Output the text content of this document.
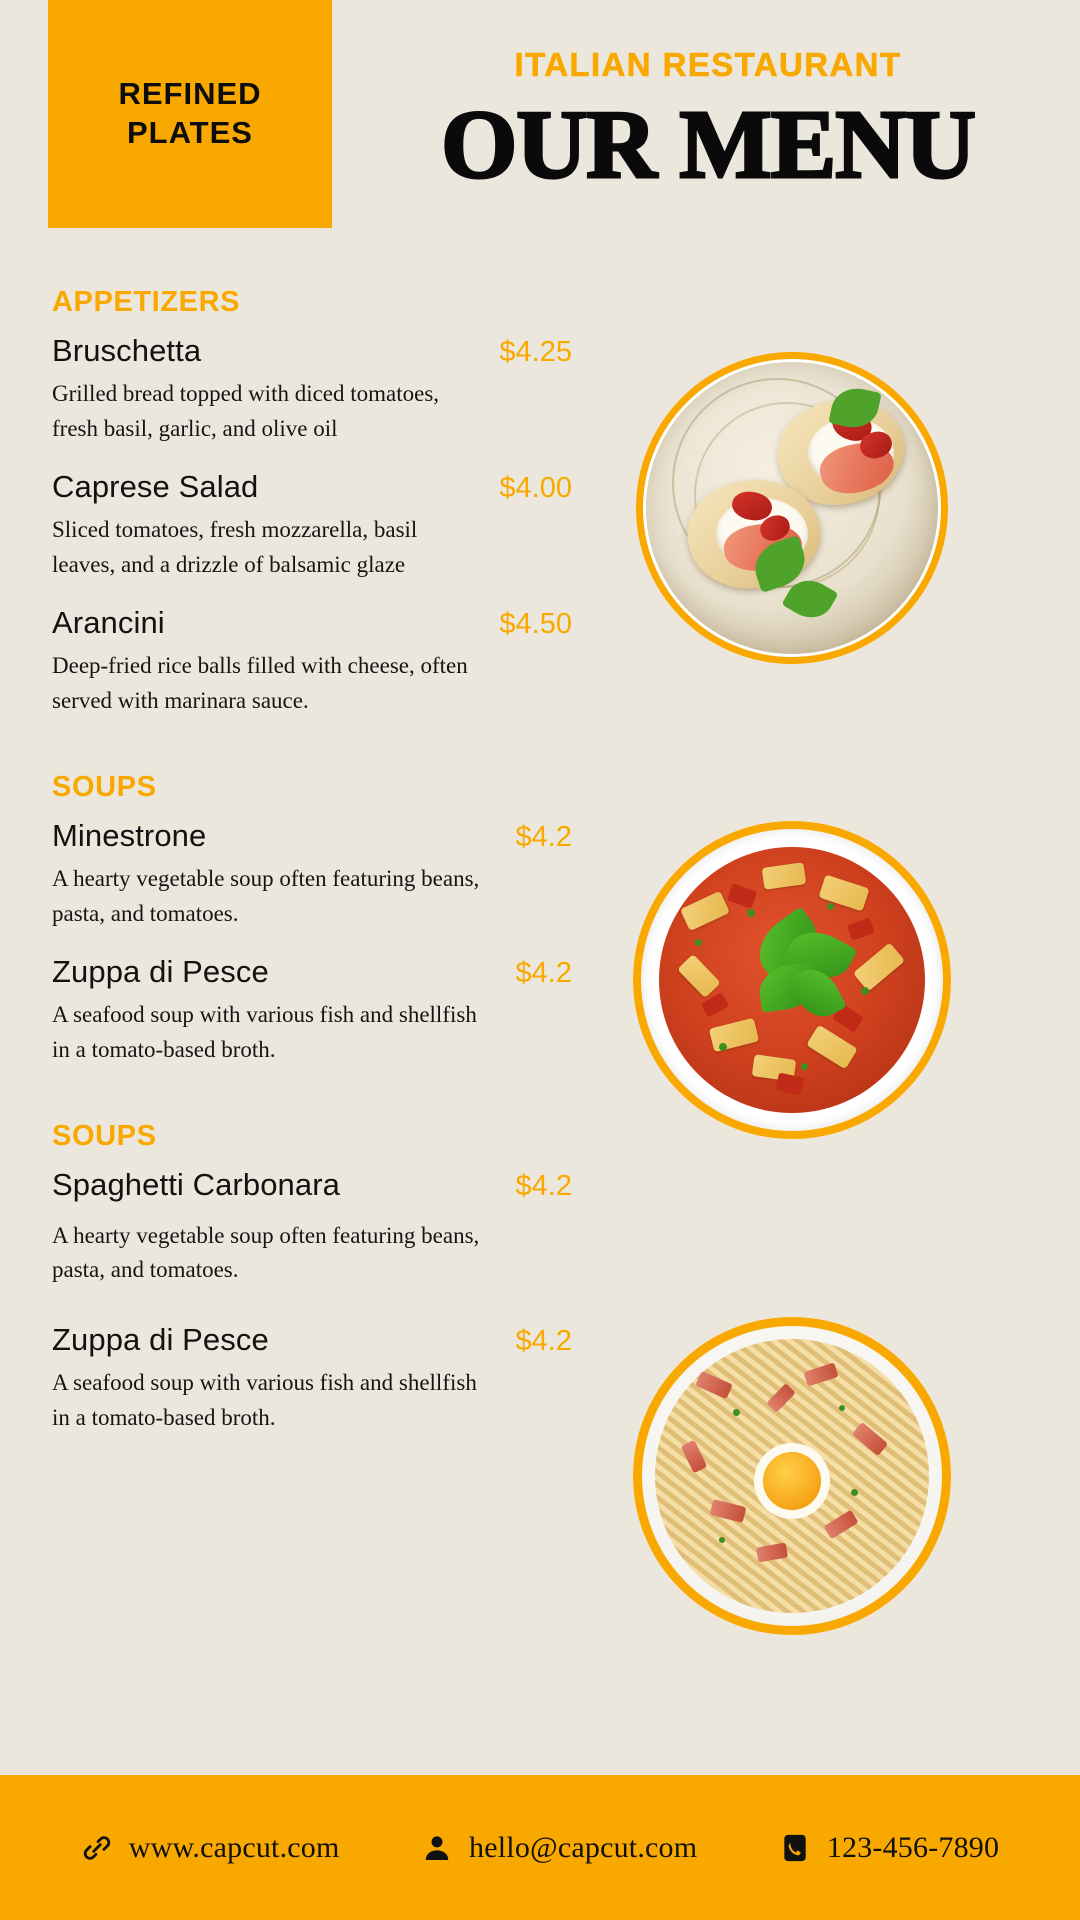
REFINED
PLATES
ITALIAN RESTAURANT
OUR MENU
APPETIZERS
Bruschetta	$4.25
Grilled bread topped with diced tomatoes, fresh basil, garlic, and olive oil
Caprese Salad	$4.00
Sliced tomatoes, fresh mozzarella, basil leaves, and a drizzle of balsamic glaze
Arancini	$4.50
Deep-fried rice balls filled with cheese, often served with marinara sauce.
SOUPS
Minestrone	$4.2
A hearty vegetable soup often featuring beans, pasta, and tomatoes.
Zuppa di Pesce	$4.2
A seafood soup with various fish and shellfish in a tomato-based broth.
SOUPS
Spaghetti Carbonara	$4.2
A hearty vegetable soup often featuring beans, pasta, and tomatoes.
Zuppa di Pesce	$4.2
A seafood soup with various fish and shellfish in a tomato-based broth.
www.capcut.com	hello@capcut.com	123-456-7890
